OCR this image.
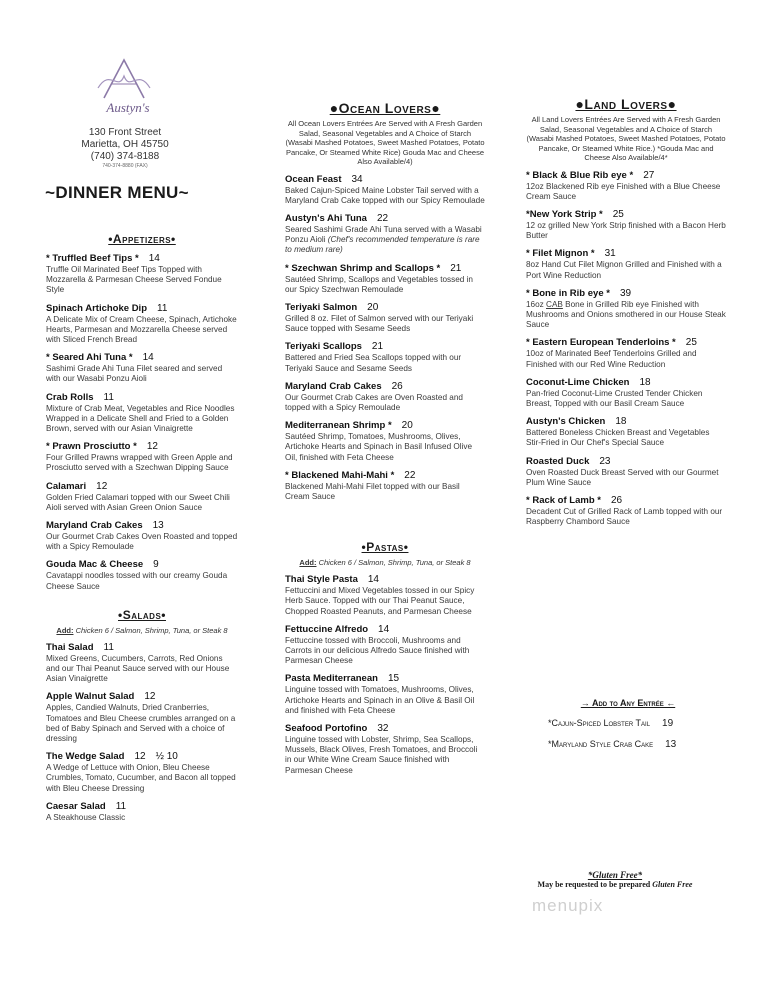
Austyn's
130 Front Street
Marietta, OH 45750
(740) 374-8188
740-374-8880 (FAX)
~DINNER MENU~
•Appetizers•
* Truffled Beef Tips * 14
Truffle Oil Marinated Beef Tips Topped with Mozzarella & Parmesan Cheese Served Fondue Style
Spinach Artichoke Dip 11
A Delicate Mix of Cream Cheese, Spinach, Artichoke Hearts, Parmesan and Mozzarella Cheese served with Sliced French Bread
* Seared Ahi Tuna * 14
Sashimi Grade Ahi Tuna Filet seared and served with our Wasabi Ponzu Aioli
Crab Rolls 11
Mixture of Crab Meat, Vegetables and Rice Noodles Wrapped in a Delicate Shell and Fried to a Golden Brown, served with our Asian Vinaigrette
* Prawn Prosciutto * 12
Four Grilled Prawns wrapped with Green Apple and Prosciutto served with a Szechwan Dipping Sauce
Calamari 12
Golden Fried Calamari topped with our Sweet Chili Aioli served with Asian Green Onion Sauce
Maryland Crab Cakes 13
Our Gourmet Crab Cakes Oven Roasted and topped with a Spicy Remoulade
Gouda Mac & Cheese 9
Cavatappi noodles tossed with our creamy Gouda Cheese Sauce
•Salads•
Add: Chicken 6 / Salmon, Shrimp, Tuna, or Steak 8
Thai Salad 11
Mixed Greens, Cucumbers, Carrots, Red Onions and our Thai Peanut Sauce served with our House Asian Vinaigrette
Apple Walnut Salad 12
Apples, Candied Walnuts, Dried Cranberries, Tomatoes and Bleu Cheese crumbles arranged on a bed of Baby Spinach and Served with a choice of dressing
The Wedge Salad 12 ½ 10
A Wedge of Lettuce with Onion, Bleu Cheese Crumbles, Tomato, Cucumber, and Bacon all topped with Bleu Cheese Dressing
Caesar Salad 11
A Steakhouse Classic
●Ocean Lovers●
All Ocean Lovers Entrées Are Served with A Fresh Garden Salad, Seasonal Vegetables and A Choice of Starch (Wasabi Mashed Potatoes, Sweet Mashed Potatoes, Potato Pancake, Or Steamed White Rice) Gouda Mac and Cheese Also Available/4)
Ocean Feast 34
Baked Cajun-Spiced Maine Lobster Tail served with a Maryland Crab Cake topped with our Spicy Remoulade
Austyn's Ahi Tuna 22
Seared Sashimi Grade Ahi Tuna served with a Wasabi Ponzu Aioli (Chef's recommended temperature is rare to medium rare)
* Szechwan Shrimp and Scallops * 21
Sautéed Shrimp, Scallops and Vegetables tossed in our Spicy Szechwan Remoulade
Teriyaki Salmon 20
Grilled 8 oz. Filet of Salmon served with our Teriyaki Sauce topped with Sesame Seeds
Teriyaki Scallops 21
Battered and Fried Sea Scallops topped with our Teriyaki Sauce and Sesame Seeds
Maryland Crab Cakes 26
Our Gourmet Crab Cakes are Oven Roasted and topped with a Spicy Remoulade
Mediterranean Shrimp * 20
Sautéed Shrimp, Tomatoes, Mushrooms, Olives, Artichoke Hearts and Spinach in Basil Infused Olive Oil, finished with Feta Cheese
* Blackened Mahi-Mahi * 22
Blackened Mahi-Mahi Filet topped with our Basil Cream Sauce
•Pastas•
Add: Chicken 6 / Salmon, Shrimp, Tuna, or Steak 8
Thai Style Pasta 14
Fettuccini and Mixed Vegetables tossed in our Spicy Herb Sauce. Topped with our Thai Peanut Sauce, Chopped Roasted Peanuts, and Parmesan Cheese
Fettuccine Alfredo 14
Fettuccine tossed with Broccoli, Mushrooms and Carrots in our delicious Alfredo Sauce finished with Parmesan Cheese
Pasta Mediterranean 15
Linguine tossed with Tomatoes, Mushrooms, Olives, Artichoke Hearts and Spinach in an Olive & Basil Oil and finished with Feta Cheese
Seafood Portofino 32
Linguine tossed with Lobster, Shrimp, Sea Scallops, Mussels, Black Olives, Fresh Tomatoes, and Broccoli in our White Wine Cream Sauce finished with Parmesan Cheese
●Land Lovers●
All Land Lovers Entrées Are Served with A Fresh Garden Salad, Seasonal Vegetables and A Choice of Starch (Wasabi Mashed Potatoes, Sweet Mashed Potatoes, Potato Pancake, Or Steamed White Rice.) *Gouda Mac and Cheese Also Available/4*
* Black & Blue Rib eye * 27
12oz Blackened Rib eye Finished with a Blue Cheese Cream Sauce
*New York Strip * 25
12 oz grilled New York Strip finished with a Bacon Herb Butter
* Filet Mignon * 31
8oz Hand Cut Filet Mignon Grilled and Finished with a Port Wine Reduction
* Bone in Rib eye * 39
16oz CAB Bone in Grilled Rib eye Finished with Mushrooms and Onions smothered in our House Steak Sauce
* Eastern European Tenderloins * 25
10oz of Marinated Beef Tenderloins Grilled and Finished with our Red Wine Reduction
Coconut-Lime Chicken 18
Pan-fried Coconut-Lime Crusted Tender Chicken Breast, Topped with our Basil Cream Sauce
Austyn's Chicken 18
Battered Boneless Chicken Breast and Vegetables Stir-Fried in Our Chef's Special Sauce
Roasted Duck 23
Oven Roasted Duck Breast Served with our Gourmet Plum Wine Sauce
* Rack of Lamb * 26
Decadent Cut of Grilled Rack of Lamb topped with our Raspberry Chambord Sauce
→ Add to Any Entrée ←
*Cajun-Spiced Lobster Tail 19
*Maryland Style Crab Cake 13
*Gluten Free*
May be requested to be prepared Gluten Free
menupix
